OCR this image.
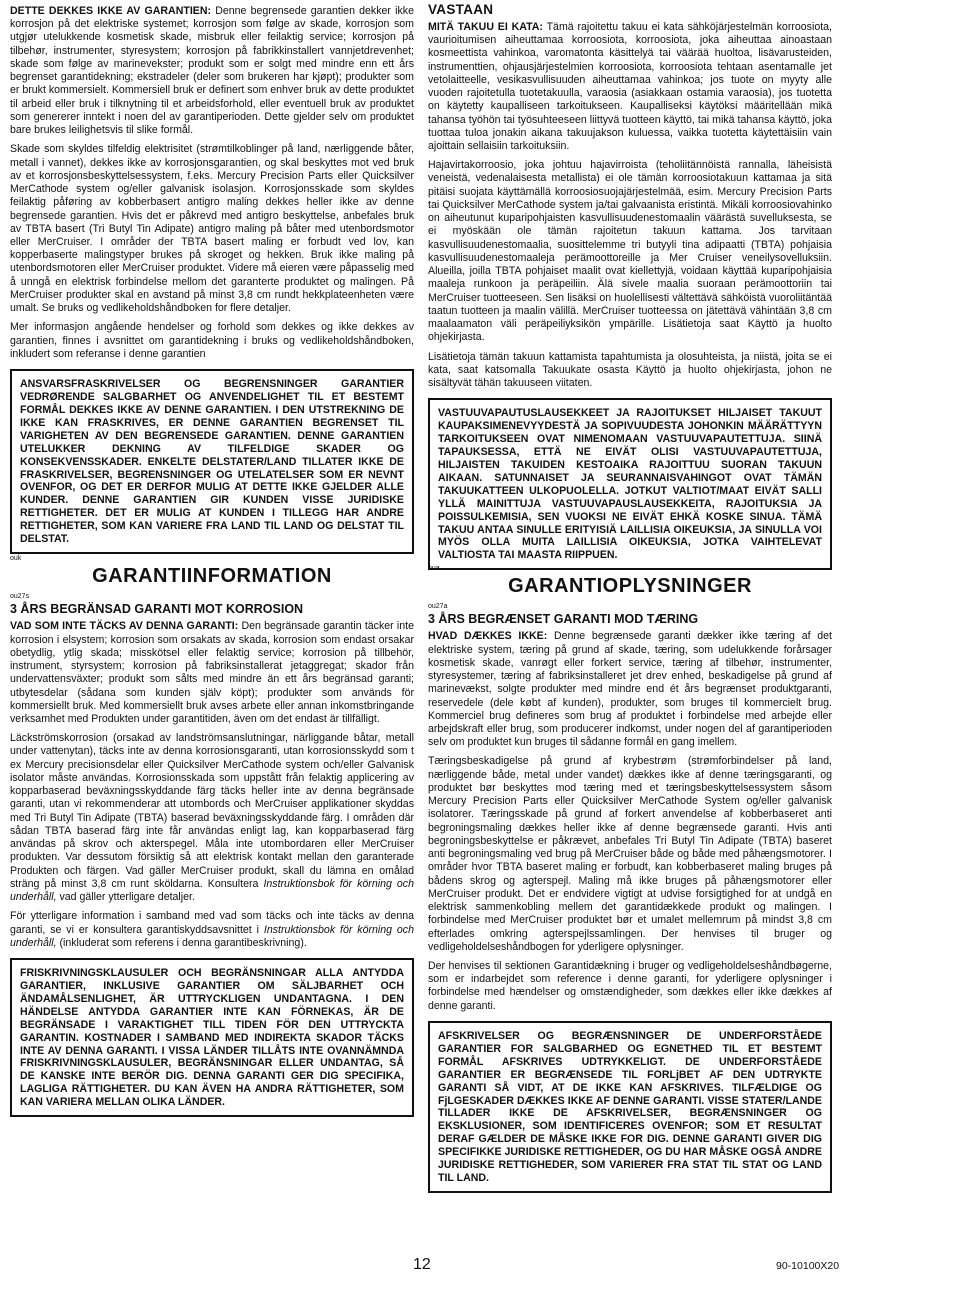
DETTE DEKKES IKKE AV GARANTIEN: Denne begrensede garantien dekker ikke korrosjon på det elektriske systemet; korrosjon som følge av skade, korrosjon som utgjør utelukkende kosmetisk skade, misbruk eller feilaktig service; korrosjon på tilbehør, instrumenter, styresystem; korrosjon på fabrikkinstallert vannjetdrevenhet; skade som følge av marinevekster; produkt som er solgt med mindre enn ett års begrenset garantidekning; ekstradeler (deler som brukeren har kjøpt); produkter som er brukt kommersielt. Kommersiell bruk er definert som enhver bruk av dette produktet til arbeid eller bruk i tilknytning til et arbeidsforhold, eller eventuell bruk av produktet som genererer inntekt i noen del av garantiperioden. Dette gjelder selv om produktet bare brukes leilighetsvis til slike formål.

Skade som skyldes tilfeldig elektrisitet (strømtilkoblinger på land, nærliggende båter, metall i vannet), dekkes ikke av korrosjonsgarantien, og skal beskyttes mot ved bruk av et korrosjonsbeskyttelsessystem, f.eks. Mercury Precision Parts eller Quicksilver MerCathode system og/eller galvanisk isolasjon. Korrosjonsskade som skyldes feilaktig påføring av kobberbasert antigro maling dekkes heller ikke av denne begrensede garantien. Hvis det er påkrevd med antigro beskyttelse, anbefales bruk av TBTA basert (Tri Butyl Tin Adipate) antigro maling på båter med utenbordsmotor eller MerCruiser. I områder der TBTA basert maling er forbudt ved lov, kan kopperbaserte malingstyper brukes på skroget og hekken. Bruk ikke maling på utenbordsmotoren eller MerCruiser produktet. Videre må eieren være påpasselig med å unngå en elektrisk forbindelse mellom det garanterte produktet og malingen. På MerCruiser produkter skal en avstand på minst 3,8 cm rundt hekkplateenheten være umalt. Se bruks og vedlikeholdshåndboken for flere detaljer.

Mer informasjon angående hendelser og forhold som dekkes og ikke dekkes av garantien, finnes i avsnittet om garantidekning i bruks og vedlikeholdshåndboken, inkludert som referanse i denne garantien

ANSVARSFRASKRIVELSER OG BEGRENSNINGER GARANTIER VEDRØRENDE SALGBARHET OG ANVENDELIGHET TIL ET BESTEMT FORMÅL DEKKES IKKE AV DENNE GARANTIEN. I DEN UTSTREKNING DE IKKE KAN FRASKRIVES, ER DENNE GARANTIEN BEGRENSET TIL VARIGHETEN AV DEN BEGRENSEDE GARANTIEN. DENNE GARANTIEN UTELUKKER DEKNING AV TILFELDIGE SKADER OG KONSEKVENSSKADER. ENKELTE DELSTATER/LAND TILLATER IKKE DE FRASKRIVELSER, BEGRENSNINGER OG UTELATELSER SOM ER NEVNT OVENFOR, OG DET ER DERFOR MULIG AT DETTE IKKE GJELDER ALLE KUNDER. DENNE GARANTIEN GIR KUNDEN VISSE JURIDISKE RETTIGHETER. DET ER MULIG AT KUNDEN I TILLEGG HAR ANDRE RETTIGHETER, SOM KAN VARIERE FRA LAND TIL LAND OG DELSTAT TIL DELSTAT.

VASTAAN

MITÄ TAKUU EI KATA: Tämä rajoitettu takuu ei kata sähköjärjestelmän korroosiota, vaurioitumisen aiheuttamaa korroosiota, korroosiota, joka aiheuttaa ainoastaan kosmeettista vahinkoa, varomatonta käsittelyä tai väärää huoltoa, lisävarusteiden, instrumenttien, ohjausjärjestelmien korroosiota, korroosiota tehtaan asentamalle jet vetolaitteelle, vesikasvullisuuden aiheuttamaa vahinkoa; jos tuote on myyty alle vuoden rajoitetulla tuotetakuulla, varaosia (asiakkaan ostamia varaosia), jos tuotetta on käytetty kaupalliseen tarkoitukseen. Kaupalliseksi käytöksi määritellään mikä tahansa työhön tai työsuhteeseen liittyvä tuotteen käyttö, tai mikä tahansa käyttö, joka tuottaa tuloa jonakin aikana takuujakson kuluessa, vaikka tuotetta käytettäisiin vain ajoittain sellaisiin tarkoituksiin.

Hajavirtakorroosio, joka johtuu hajavirroista (teholiitännöistä rannalla, läheisistä veneistä, vedenalaisesta metallista) ei ole tämän korroosiotakuun kattamaa ja sitä pitäisi suojata käyttämällä korroosiosuojajärjestelmää, esim. Mercury Precision Parts tai Quicksilver MerCathode system ja/tai galvaanista eristintä. Mikäli korroosiovahinko on aiheutunut kuparipohjaisten kasvullisuudenestomaalin väärästä suvelluksesta, se ei myöskään ole tämän rajoitetun takuun kattama. Jos tarvitaan kasvullisuudenestomaalia, suosittelemme tri butyyli tina adipaatti (TBTA) pohjaisia kasvullisuudenestomaaleja perämoottoreille ja Mer Cruiser veneilysovelluksiin. Alueilla, joilla TBTA pohjaiset maalit ovat kiellettyjä, voidaan käyttää kuparipohjaisia maaleja runkoon ja peräpeiliin. Älä sivele maalia suoraan perämoottoriin tai MerCruiser tuotteeseen. Sen lisäksi on huolellisesti vältettävä sähköistä vuoroliitäntää taatun tuotteen ja maalin välillä. MerCruiser tuotteessa on jätettävä vähintään 3,8 cm maalaamaton väli peräpeiliyksikön ympärille. Lisätietoja saat Käyttö ja huolto ohjekirjasta.

Lisätietoja tämän takuun kattamista tapahtumista ja olosuhteista, ja niistä, joita se ei kata, saat katsomalla Takuukate osasta Käyttö ja huolto ohjekirjasta, johon ne sisältyvät tähän takuuseen viitaten.

VASTUUVAPAUTUSLAUSEKKEET JA RAJOITUKSET HILJAISET TAKUUT KAUPAKSIMENEVYYDESTÄ JA SOPIVUUDESTA JOHONKIN MÄÄRÄTTYYN TARKOITUKSEEN OVAT NIMENOMAAN VASTUUVAPAUTETTUJA. SIINÄ TAPAUKSESSA, ETTÄ NE EIVÄT OLISI VASTUUVAPAUTETTUJA, HILJAISTEN TAKUIDEN KESTOAIKA RAJOITTUU SUORAN TAKUUN AIKAAN. SATUNNAISET JA SEURANNAISVAHINGOT OVAT TÄMÄN TAKUUKATTEEN ULKOPUOLELLA. JOTKUT VALTIOT/MAAT EIVÄT SALLI YLLÄ MAINITTUJA VASTUUVAPAUSLAUSEKKEITA, RAJOITUKSIA JA POISSULKEMISIA, SEN VUOKSI NE EIVÄT EHKÄ KOSKE SINUA. TÄMÄ TAKUU ANTAA SINULLE ERITYISIÄ LAILLISIA OIKEUKSIA, JA SINULLA VOI MYÖS OLLA MUITA LAILLISIA OIKEUKSIA, JOTKA VAIHTELEVAT VALTIOSTA TAI MAASTA RIIPPUEN.

ouk
GARANTIINFORMATION
ou27s
3 ÅRS BEGRÄNSAD GARANTI MOT KORROSION

VAD SOM INTE TÄCKS AV DENNA GARANTI: Den begränsade garantin täcker inte korrosion i elsystem; korrosion som orsakats av skada, korrosion som endast orsakar obetydlig, ytlig skada; misskötsel eller felaktig service; korrosion på tillbehör, instrument, styrsystem; korrosion på fabriksinstallerat jetaggregat; skador från undervattensväxter; produkt som sålts med mindre än ett års begränsad garanti; utbytesdelar (sådana som kunden själv köpt); produkter som används för kommersiellt bruk. Med kommersiellt bruk avses arbete eller annan inkomstbringande verksamhet med Produkten under garantitiden, även om det endast är tillfälligt.

Läckströmskorrosion (orsakad av landströmsanslutningar, närliggande båtar, metall under vattenytan), täcks inte av denna korrosionsgaranti, utan korrosionsskydd som t ex Mercury precisionsdelar eller Quicksilver MerCathode system och/eller Galvanisk isolator måste användas. Korrosionsskada som uppstått från felaktig applicering av kopparbaserad beväxningsskyddande färg täcks heller inte av denna begränsade garanti, utan vi rekommenderar att utombords och MerCruiser applikationer skyddas med Tri Butyl Tin Adipate (TBTA) baserad beväxningsskyddande färg. I områden där sådan TBTA baserad färg inte får användas enligt lag, kan kopparbaserad färg användas på skrov och akterspegel. Måla inte utombordaren eller MerCruiser produkten. Var dessutom försiktig så att elektrisk kontakt mellan den garanterade Produkten och färgen. Vad gäller MerCruiser produkt, skall du lämna en omålad sträng på minst 3,8 cm runt sköldarna. Konsultera Instruktionsbok för körning och underhåll, vad gäller ytterligare detaljer.

För ytterligare information i samband med vad som täcks och inte täcks av denna garanti, se vi er konsultera garantiskyddsavsnittet i Instruktionsbok för körning och underhåll, (inkluderat som referens i denna garantibeskrivning).

FRISKRIVNINGSKLAUSULER OCH BEGRÄNSNINGAR ALLA ANTYDDA GARANTIER, INKLUSIVE GARANTIER OM SÄLJBARHET OCH ÄNDAMÅLSENLIGHET, ÄR UTTRYCKLIGEN UNDANTAGNA. I DEN HÄNDELSE ANTYDDA GARANTIER INTE KAN FÖRNEKAS, ÄR DE BEGRÄNSADE I VARAKTIGHET TILL TIDEN FÖR DEN UTTRYCKTA GARANTIN. KOSTNADER I SAMBAND MED INDIREKTA SKADOR TÄCKS INTE AV DENNA GARANTI. I VISSA LÄNDER TILLÅTS INTE OVANNÄMNDA FRISKRIVNINGSKLAUSULER, BEGRÄNSNINGAR ELLER UNDANTAG, SÅ DE KANSKE INTE BERÖR DIG. DENNA GARANTI GER DIG SPECIFIKA, LAGLIGA RÄTTIGHETER. DU KAN ÄVEN HA ANDRA RÄTTIGHETER, SOM KAN VARIERA MELLAN OLIKA LÄNDER.

oua
GARANTIOPLYSNINGER
ou27a
3 ÅRS BEGRÆNSET GARANTI MOD TÆRING

HVAD DÆKKES IKKE: Denne begrænsede garanti dækker ikke tæring af det elektriske system, tæring på grund af skade, tæring, som udelukkende forårsager kosmetisk skade, vanrøgt eller forkert service, tæring af tilbehør, instrumenter, styresystemer, tæring af fabriksinstalleret jet drev enhed, beskadigelse på grund af marinevækst, solgte produkter med mindre end ét års begrænset produktgaranti, reservedele (dele købt af kunden), produkter, som bruges til kommercielt brug. Kommerciel brug defineres som brug af produktet i forbindelse med arbejde eller arbejdskraft eller brug, som producerer indkomst, under nogen del af garantiperioden selv om produktet kun bruges til sådanne formål en gang imellem.

Tæringsbeskadigelse på grund af krybestrøm (strømforbindelser på land, nærliggende både, metal under vandet) dækkes ikke af denne tæringsgaranti, og produktet bør beskyttes mod tæring med et tæringsbeskyttelsessystem såsom Mercury Precision Parts eller Quicksilver MerCathode System og/eller galvanisk isolatorer. Tæringsskade på grund af forkert anvendelse af kobberbaseret anti begroningsmaling dækkes heller ikke af denne begrænsede garanti. Hvis anti begroningsbeskyttelse er påkrævet, anbefales Tri Butyl Tin Adipate (TBTA) baseret anti begroningsmaling ved brug på MerCruiser både og både med påhængsmotorer. I områder hvor TBTA baseret maling er forbudt, kan kobberbaseret maling bruges på bådens skrog og agterspejl. Maling må ikke bruges på påhængsmotorer eller MerCruiser produkt. Det er endvidere vigtigt at udvise forsigtighed for at undgå en elektrisk sammenkobling mellem det garantidækkede produkt og malingen. I forbindelse med MerCruiser produktet bør et umalet mellemrum på mindst 3,8 cm efterlades omkring agterspejlssamlingen. Der henvises til bruger og vedligeholdelseshåndbogen for yderligere oplysninger.

Der henvises til sektionen Garantidækning i bruger og vedligeholdelseshåndbøgerne, som er indarbejdet som reference i denne garanti, for yderligere oplysninger i forbindelse med hændelser og omstændigheder, som dækkes eller ikke dækkes af denne garanti.

AFSKRIVELSER OG BEGRÆNSNINGER DE UNDERFORSTÅEDE GARANTIER FOR SALGBARHED OG EGNETHED TIL ET BESTEMT FORMÅL AFSKRIVES UDTRYKKELIGT. DE UNDERFORSTÅEDE GARANTIER ER BEGRÆNSEDE TIL FORLjBET AF DEN UDTRYKTE GARANTI SÅ VIDT, AT DE IKKE KAN AFSKRIVES. TILFÆLDIGE OG FjLGESKADER DÆKKES IKKE AF DENNE GARANTI. VISSE STATER/LANDE TILLADER IKKE DE AFSKRIVELSER, BEGRÆNSNINGER OG EKSKLUSIONER, SOM IDENTIFICERES OVENFOR; SOM ET RESULTAT DERAF GÆLDER DE MÅSKE IKKE FOR DIG. DENNE GARANTI GIVER DIG SPECIFIKKE JURIDISKE RETTIGHEDER, OG DU HAR MÅSKE OGSÅ ANDRE JURIDISKE RETTIGHEDER, SOM VARIERER FRA STAT TIL STAT OG LAND TIL LAND.

12	90-10100X20
